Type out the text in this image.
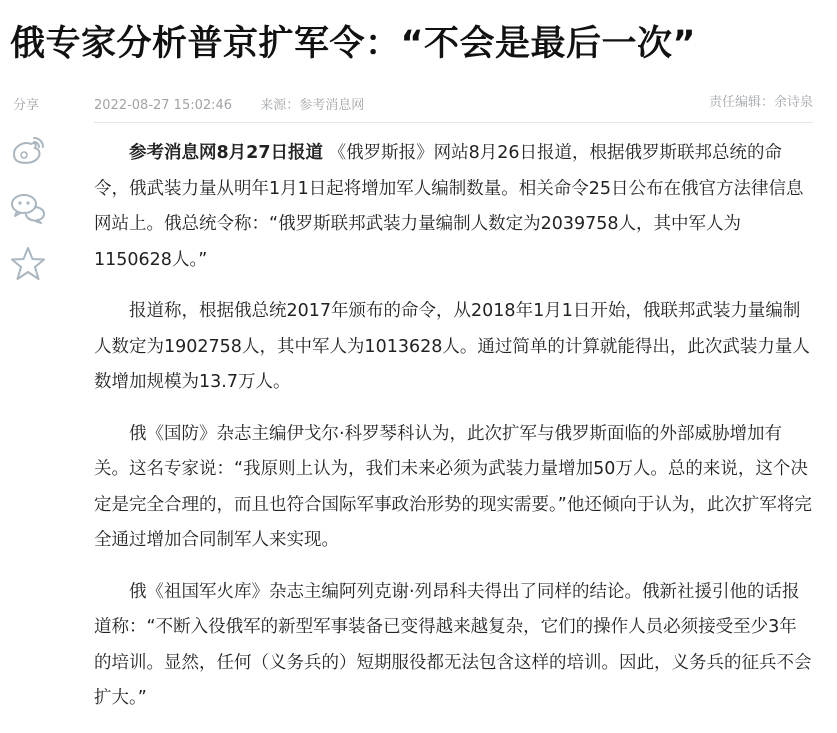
俄专家分析普京扩军令：“不会是最后一次”
分享	2022-08-27 15:02:46 来源：参考消息网	责任编辑：余诗泉

参考消息网8月27日报道 《俄罗斯报》网站8月26日报道，根据俄罗斯联邦总统的命令，俄武装力量从明年1月1日起将增加军人编制数量。相关命令25日公布在俄官方法律信息网站上。俄总统令称：“俄罗斯联邦武装力量编制人数定为2039758人，其中军人为1150628人。”

报道称，根据俄总统2017年颁布的命令，从2018年1月1日开始，俄联邦武装力量编制人数定为1902758人，其中军人为1013628人。通过简单的计算就能得出，此次武装力量人数增加规模为13.7万人。

俄《国防》杂志主编伊戈尔·科罗琴科认为，此次扩军与俄罗斯面临的外部威胁增加有关。这名专家说：“我原则上认为，我们未来必须为武装力量增加50万人。总的来说，这个决定是完全合理的，而且也符合国际军事政治形势的现实需要。”他还倾向于认为，此次扩军将完全通过增加合同制军人来实现。

俄《祖国军火库》杂志主编阿列克谢·列昂科夫得出了同样的结论。俄新社援引他的话报道称：“不断入役俄军的新型军事装备已变得越来越复杂，它们的操作人员必须接受至少3年的培训。显然，任何（义务兵的）短期服役都无法包含这样的培训。因此，义务兵的征兵不会扩大。”
